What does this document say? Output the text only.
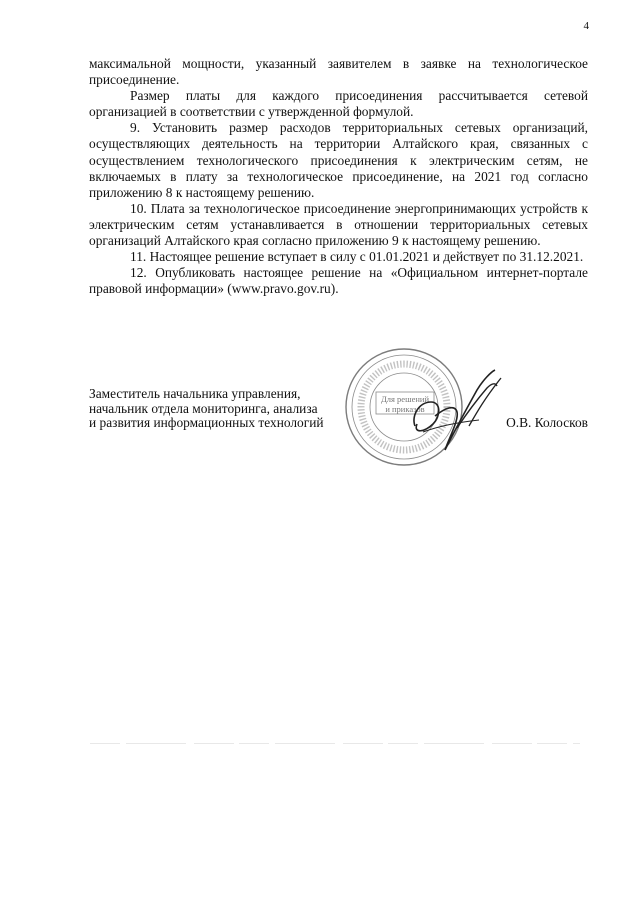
4

максимальной мощности, указанный заявителем в заявке на технологическое присоединение.

Размер платы для каждого присоединения рассчитывается сетевой организацией в соответствии с утвержденной формулой.

9. Установить размер расходов территориальных сетевых организаций, осуществляющих деятельность на территории Алтайского края, связанных с осуществлением технологического присоединения к электрическим сетям, не включаемых в плату за технологическое присоединение, на 2021 год согласно приложению 8 к настоящему решению.

10. Плата за технологическое присоединение энергопринимающих устройств к электрическим сетям устанавливается в отношении территориальных сетевых организаций Алтайского края согласно приложению 9 к настоящему решению.

11. Настоящее решение вступает в силу с 01.01.2021 и действует по 31.12.2021.

12. Опубликовать настоящее решение на «Официальном интернет-портале правовой информации» (www.pravo.gov.ru).

Для решений
и приказов
Заместитель начальника управления,
начальник отдела мониторинга, анализа
и развития информационных технологий	О.В. Колосков
